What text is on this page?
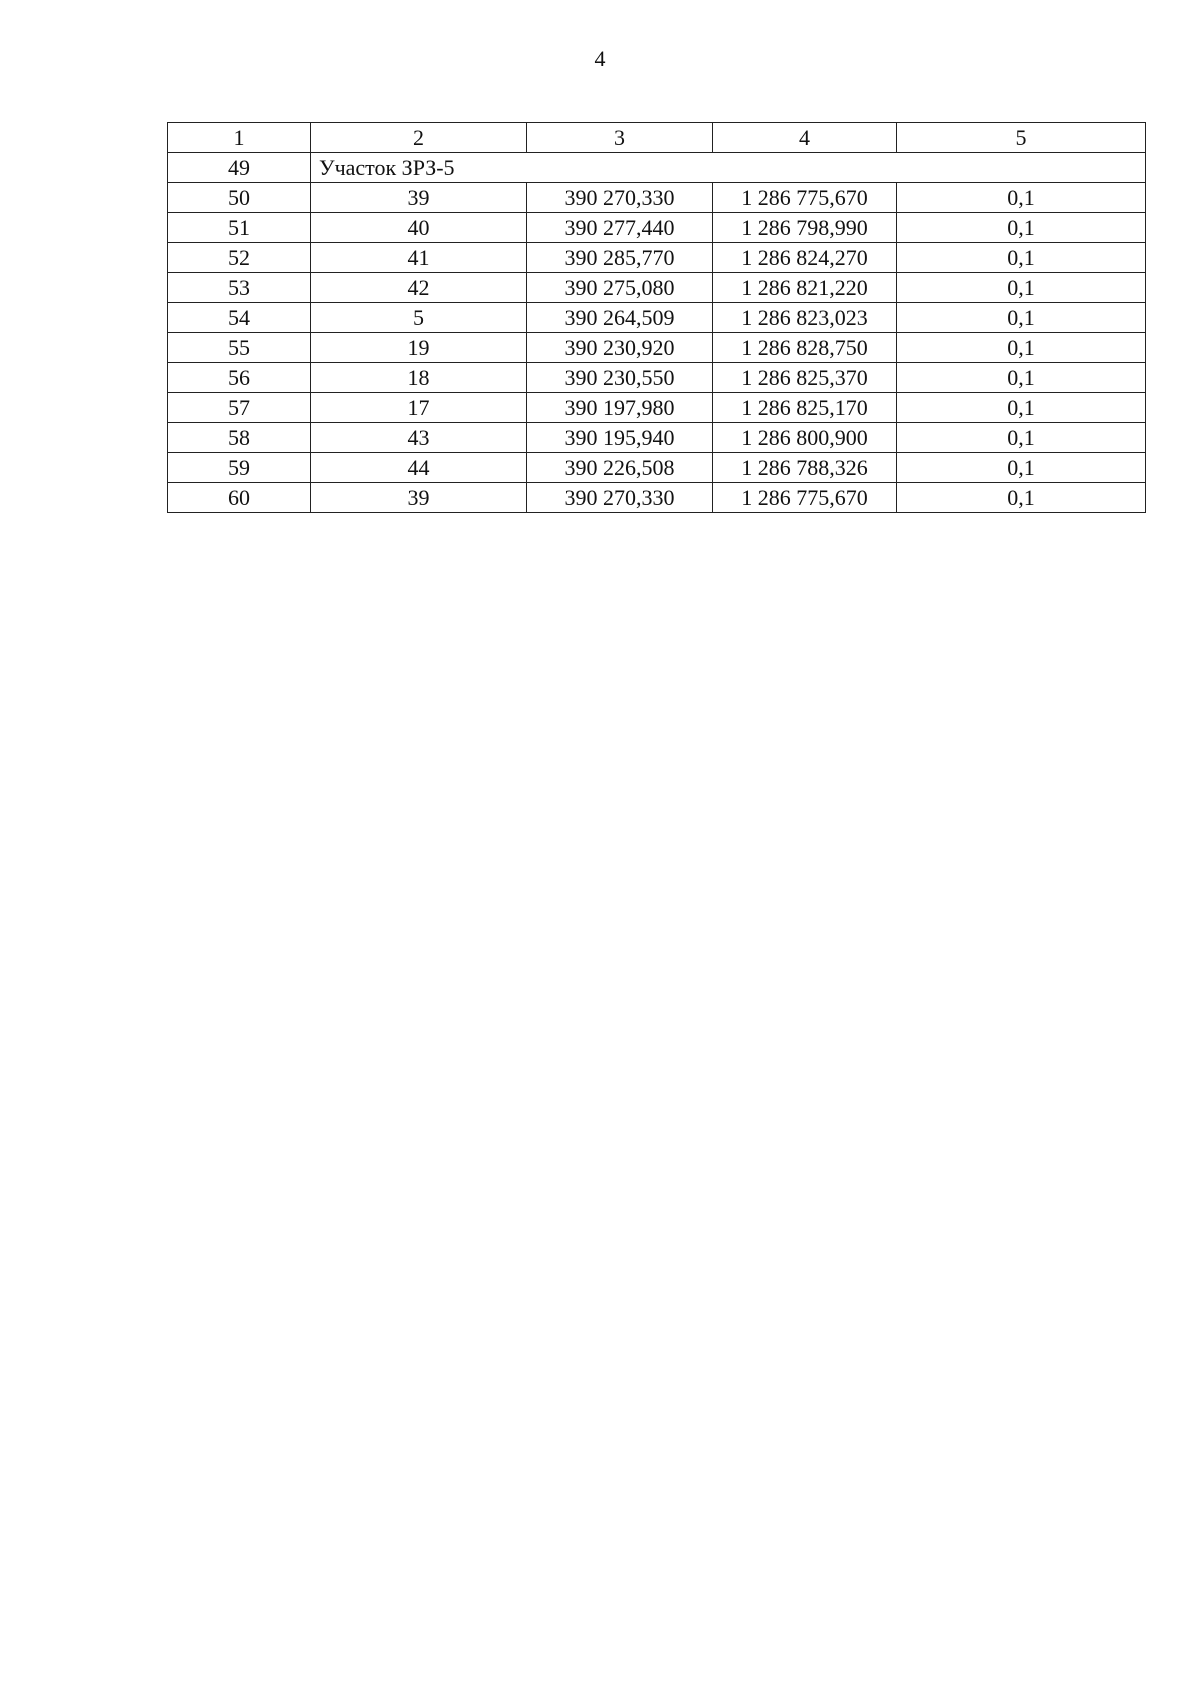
4
1	2	3	4	5
49	Участок ЗРЗ-5			
50	39	390 270,330	1 286 775,670	0,1
51	40	390 277,440	1 286 798,990	0,1
52	41	390 285,770	1 286 824,270	0,1
53	42	390 275,080	1 286 821,220	0,1
54	5	390 264,509	1 286 823,023	0,1
55	19	390 230,920	1 286 828,750	0,1
56	18	390 230,550	1 286 825,370	0,1
57	17	390 197,980	1 286 825,170	0,1
58	43	390 195,940	1 286 800,900	0,1
59	44	390 226,508	1 286 788,326	0,1
60	39	390 270,330	1 286 775,670	0,1
